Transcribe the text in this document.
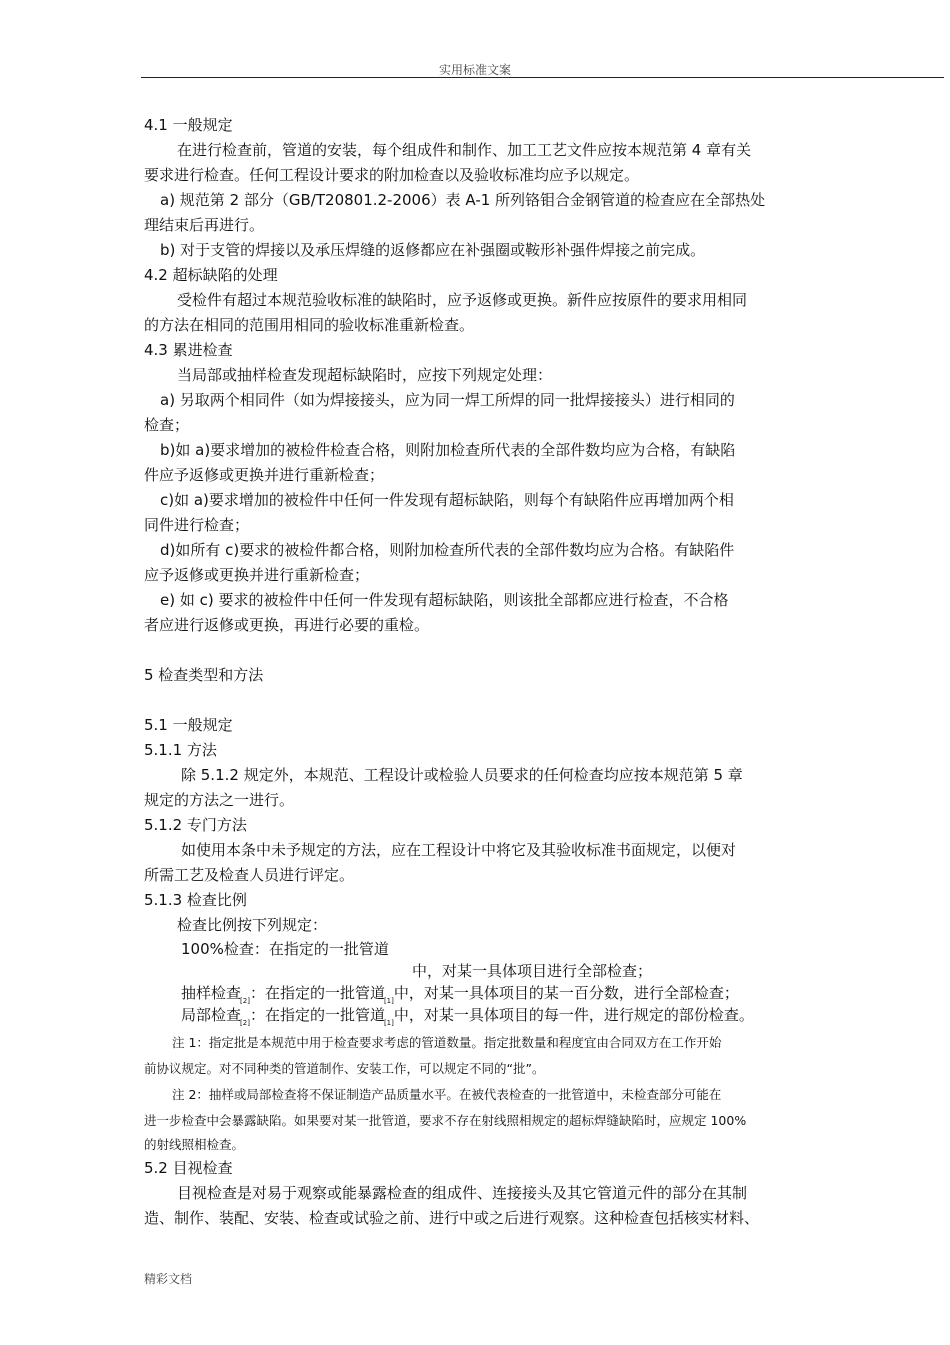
实用标准文案
4.1 一般规定
在进行检查前，管道的安装，每个组成件和制作、加工工艺文件应按本规范第 4 章有关
要求进行检查。任何工程设计要求的附加检查以及验收标准均应予以规定。
a) 规范第 2 部分（GB/T20801.2-2006）表 A-1 所列铬钼合金钢管道的检查应在全部热处
理结束后再进行。
b) 对于支管的焊接以及承压焊缝的返修都应在补强圈或鞍形补强件焊接之前完成。
4.2 超标缺陷的处理
受检件有超过本规范验收标准的缺陷时，应予返修或更换。新件应按原件的要求用相同
的方法在相同的范围用相同的验收标准重新检查。
4.3 累进检查
当局部或抽样检查发现超标缺陷时，应按下列规定处理：
a) 另取两个相同件（如为焊接接头，应为同一焊工所焊的同一批焊接接头）进行相同的
检查；
b)如 a)要求增加的被检件检查合格，则附加检查所代表的全部件数均应为合格，有缺陷
件应予返修或更换并进行重新检查；
c)如 a)要求增加的被检件中任何一件发现有超标缺陷，则每个有缺陷件应再增加两个相
同件进行检查；
d)如所有 c)要求的被检件都合格，则附加检查所代表的全部件数均应为合格。有缺陷件
应予返修或更换并进行重新检查；
e) 如 c) 要求的被检件中任何一件发现有超标缺陷，则该批全部都应进行检查，不合格
者应进行返修或更换，再进行必要的重检。
5 检查类型和方法
5.1 一般规定
5.1.1 方法
除 5.1.2 规定外，本规范、工程设计或检验人员要求的任何检查均应按本规范第 5 章
规定的方法之一进行。
5.1.2 专门方法
如使用本条中未予规定的方法，应在工程设计中将它及其验收标准书面规定，以便对
所需工艺及检查人员进行评定。
5.1.3 检查比例
检查比例按下列规定：
100%检查：在指定的一批管道
中，对某一具体项目进行全部检查；
抽样检查[2]：在指定的一批管道[1]中，对某一具体项目的某一百分数，进行全部检查；
局部检查[2]：在指定的一批管道[1]中，对某一具体项目的每一件，进行规定的部份检查。
注 1：指定批是本规范中用于检查要求考虑的管道数量。指定批数量和程度宜由合同双方在工作开始
前协议规定。对不同种类的管道制作、安装工作，可以规定不同的“批”。
注 2：抽样或局部检查将不保证制造产品质量水平。在被代表检查的一批管道中，未检查部分可能在
进一步检查中会暴露缺陷。如果要对某一批管道，要求不存在射线照相规定的超标焊缝缺陷时，应规定 100%
的射线照相检查。
5.2 目视检查
目视检查是对易于观察或能暴露检查的组成件、连接接头及其它管道元件的部分在其制
造、制作、装配、安装、检查或试验之前、进行中或之后进行观察。这种检查包括核实材料、
精彩文档
